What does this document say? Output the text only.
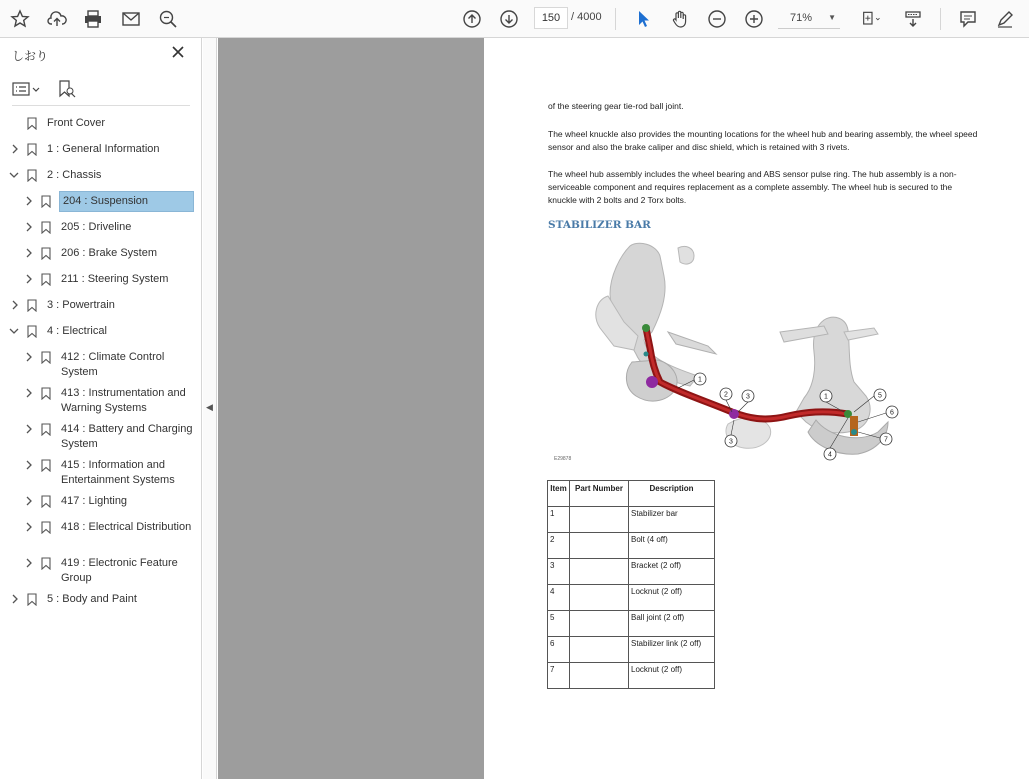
150 / 4000	71% ▼
しおり
Front Cover
1 : General Information
2 : Chassis
204 : Suspension
205 : Driveline
206 : Brake System
211 : Steering System
3 : Powertrain
4 : Electrical
412 : Climate Control System
413 : Instrumentation and Warning Systems
414 : Battery and Charging System
415 : Information and Entertainment Systems
417 : Lighting
418 : Electrical Distribution
419 : Electronic Feature Group
5 : Body and Paint
◀
of the steering gear tie-rod ball joint.
The wheel knuckle also provides the mounting locations for the wheel hub and bearing assembly, the wheel speed sensor and also the brake caliper and disc shield, which is retained with 3 rivets.
The wheel hub assembly includes the wheel bearing and ABS sensor pulse ring. The hub assembly is a non-serviceable component and requires replacement as a complete assembly. The wheel hub is secured to the knuckle with 2 bolts and 2 Torx bolts.
STABILIZER BAR
1
2	3	1
3
4
5
6
7
E29878
Item	Part Number	Description
1		Stabilizer bar
2		Bolt (4 off)
3		Bracket (2 off)
4		Locknut (2 off)
5		Ball joint (2 off)
6		Stabilizer link (2 off)
7		Locknut (2 off)
